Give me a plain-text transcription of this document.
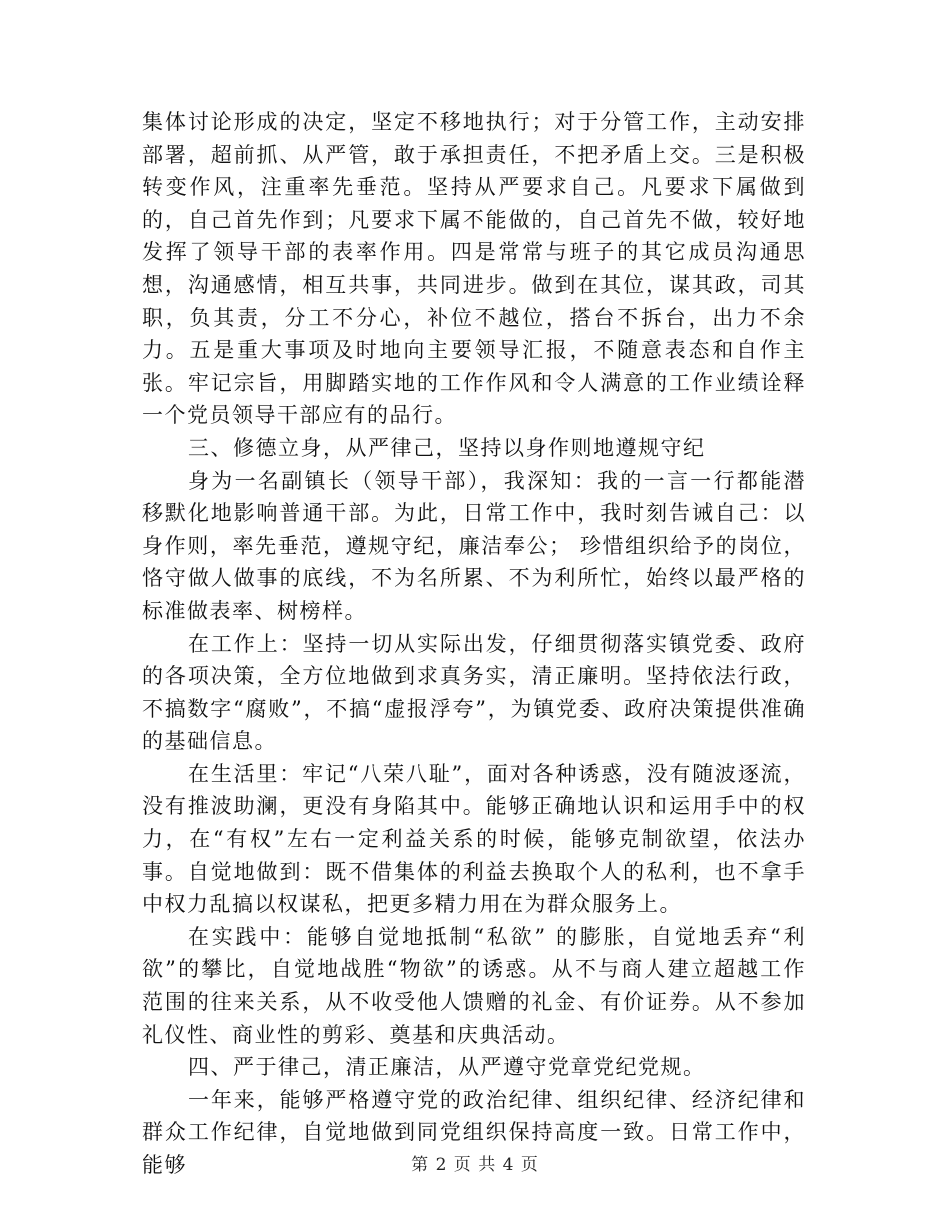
集体讨论形成的决定，坚定不移地执行；对于分管工作，主动安排部署，超前抓、从严管，敢于承担责任，不把矛盾上交。三是积极转变作风，注重率先垂范。坚持从严要求自己。凡要求下属做到的，自己首先作到；凡要求下属不能做的，自己首先不做，较好地发挥了领导干部的表率作用。四是常常与班子的其它成员沟通思想，沟通感情，相互共事，共同进步。做到在其位，谋其政，司其职，负其责，分工不分心，补位不越位，搭台不拆台，出力不余力。五是重大事项及时地向主要领导汇报，不随意表态和自作主张。牢记宗旨，用脚踏实地的工作作风和令人满意的工作业绩诠释一个党员领导干部应有的品行。

三、修德立身，从严律己，坚持以身作则地遵规守纪

身为一名副镇长（领导干部），我深知：我的一言一行都能潜移默化地影响普通干部。为此，日常工作中，我时刻告诫自己：以身作则，率先垂范，遵规守纪，廉洁奉公； 珍惜组织给予的岗位，恪守做人做事的底线，不为名所累、不为利所忙，始终以最严格的标准做表率、树榜样。

在工作上：坚持一切从实际出发，仔细贯彻落实镇党委、政府的各项决策，全方位地做到求真务实，清正廉明。坚持依法行政，不搞数字“腐败”，不搞“虚报浮夸”，为镇党委、政府决策提供准确的基础信息。

在生活里：牢记“八荣八耻”，面对各种诱惑，没有随波逐流，没有推波助澜，更没有身陷其中。能够正确地认识和运用手中的权力，在“有权”左右一定利益关系的时候，能够克制欲望，依法办事。自觉地做到：既不借集体的利益去换取个人的私利，也不拿手中权力乱搞以权谋私，把更多精力用在为群众服务上。

在实践中：能够自觉地抵制“私欲” 的膨胀，自觉地丢弃“利欲”的攀比，自觉地战胜“物欲”的诱惑。从不与商人建立超越工作范围的往来关系，从不收受他人馈赠的礼金、有价证券。从不参加礼仪性、商业性的剪彩、奠基和庆典活动。

四、严于律己，清正廉洁，从严遵守党章党纪党规。

一年来，能够严格遵守党的政治纪律、组织纪律、经济纪律和群众工作纪律，自觉地做到同党组织保持高度一致。日常工作中，能够	第 2 页 共 4 页
